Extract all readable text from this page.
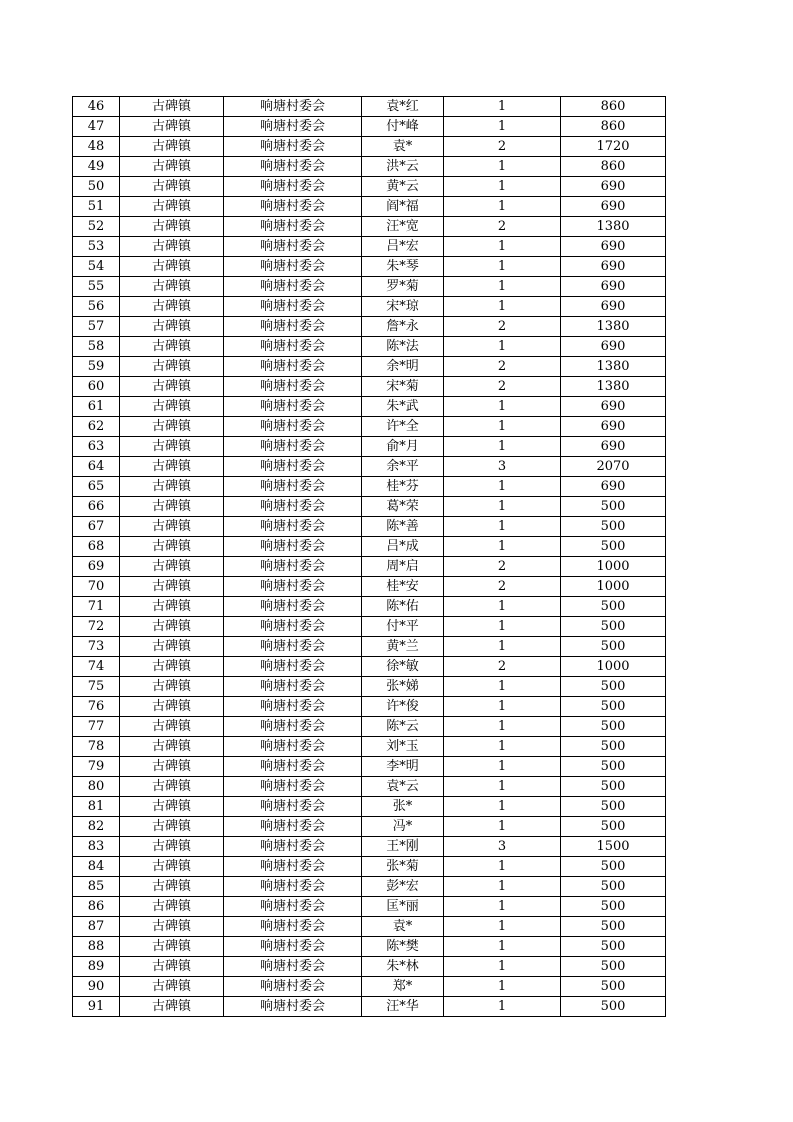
46	古碑镇	响塘村委会	袁*红	1	860
47	古碑镇	响塘村委会	付*峰	1	860
48	古碑镇	响塘村委会	袁*	2	1720
49	古碑镇	响塘村委会	洪*云	1	860
50	古碑镇	响塘村委会	黄*云	1	690
51	古碑镇	响塘村委会	阎*福	1	690
52	古碑镇	响塘村委会	汪*宽	2	1380
53	古碑镇	响塘村委会	吕*宏	1	690
54	古碑镇	响塘村委会	朱*琴	1	690
55	古碑镇	响塘村委会	罗*菊	1	690
56	古碑镇	响塘村委会	宋*琼	1	690
57	古碑镇	响塘村委会	詹*永	2	1380
58	古碑镇	响塘村委会	陈*法	1	690
59	古碑镇	响塘村委会	余*明	2	1380
60	古碑镇	响塘村委会	宋*菊	2	1380
61	古碑镇	响塘村委会	朱*武	1	690
62	古碑镇	响塘村委会	许*全	1	690
63	古碑镇	响塘村委会	俞*月	1	690
64	古碑镇	响塘村委会	余*平	3	2070
65	古碑镇	响塘村委会	桂*芬	1	690
66	古碑镇	响塘村委会	葛*荣	1	500
67	古碑镇	响塘村委会	陈*善	1	500
68	古碑镇	响塘村委会	吕*成	1	500
69	古碑镇	响塘村委会	周*启	2	1000
70	古碑镇	响塘村委会	桂*安	2	1000
71	古碑镇	响塘村委会	陈*佑	1	500
72	古碑镇	响塘村委会	付*平	1	500
73	古碑镇	响塘村委会	黄*兰	1	500
74	古碑镇	响塘村委会	徐*敏	2	1000
75	古碑镇	响塘村委会	张*娣	1	500
76	古碑镇	响塘村委会	许*俊	1	500
77	古碑镇	响塘村委会	陈*云	1	500
78	古碑镇	响塘村委会	刘*玉	1	500
79	古碑镇	响塘村委会	李*明	1	500
80	古碑镇	响塘村委会	袁*云	1	500
81	古碑镇	响塘村委会	张*	1	500
82	古碑镇	响塘村委会	冯*	1	500
83	古碑镇	响塘村委会	王*刚	3	1500
84	古碑镇	响塘村委会	张*菊	1	500
85	古碑镇	响塘村委会	彭*宏	1	500
86	古碑镇	响塘村委会	匡*丽	1	500
87	古碑镇	响塘村委会	袁*	1	500
88	古碑镇	响塘村委会	陈*樊	1	500
89	古碑镇	响塘村委会	朱*林	1	500
90	古碑镇	响塘村委会	郑*	1	500
91	古碑镇	响塘村委会	汪*华	1	500
